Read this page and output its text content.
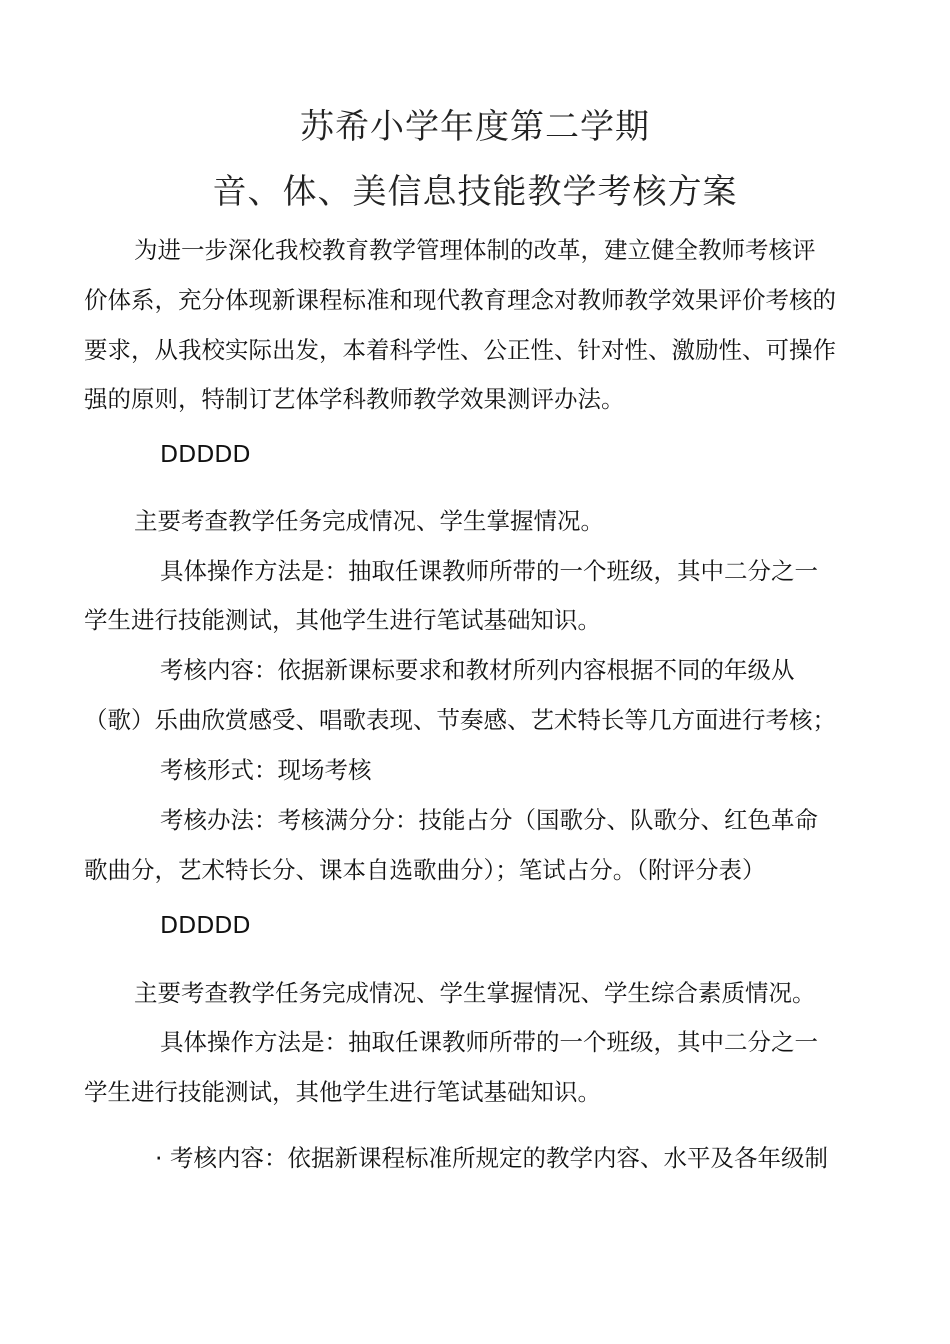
苏希小学年度第二学期
音、体、美信息技能教学考核方案
为进一步深化我校教育教学管理体制的改革，建立健全教师考核评
价体系，充分体现新课程标准和现代教育理念对教师教学效果评价考核的
要求，从我校实际出发，本着科学性、公正性、针对性、激励性、可操作
强的原则，特制订艺体学科教师教学效果测评办法。
DDDDD
主要考查教学任务完成情况、学生掌握情况。
具体操作方法是：抽取任课教师所带的一个班级，其中二分之一
学生进行技能测试，其他学生进行笔试基础知识。
考核内容：依据新课标要求和教材所列内容根据不同的年级从
（歌）乐曲欣赏感受、唱歌表现、节奏感、艺术特长等几方面进行考核；
考核形式：现场考核
考核办法：考核满分分：技能占分（国歌分、队歌分、红色革命
歌曲分，艺术特长分、课本自选歌曲分）；笔试占分。（附评分表）
DDDDD
主要考查教学任务完成情况、学生掌握情况、学生综合素质情况。
具体操作方法是：抽取任课教师所带的一个班级，其中二分之一
学生进行技能测试，其他学生进行笔试基础知识。
· 考核内容：依据新课程标准所规定的教学内容、水平及各年级制
